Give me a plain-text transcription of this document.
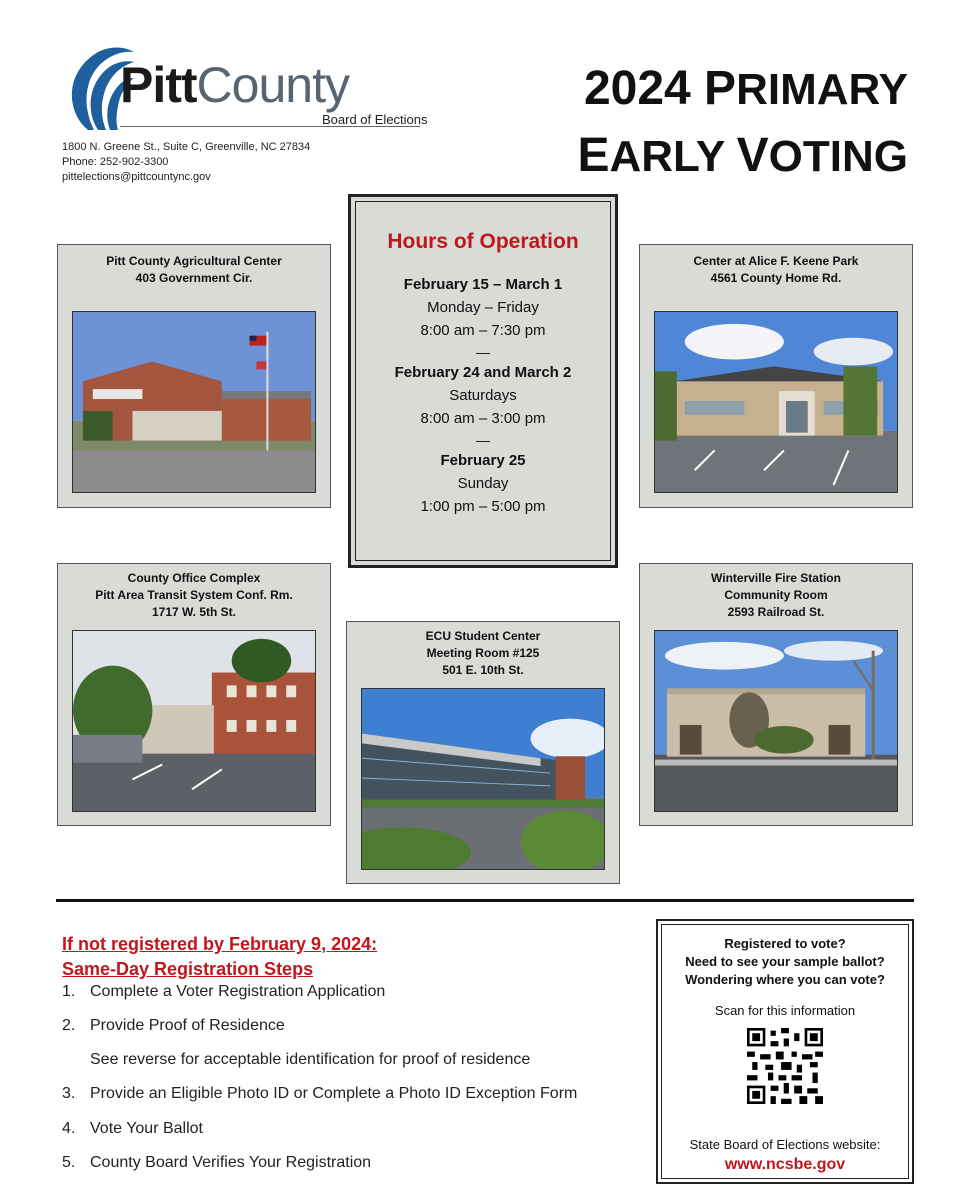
PittCounty
Board of Elections
1800 N. Greene St., Suite C, Greenville, NC 27834
Phone: 252-902-3300
pittelections@pittcountync.gov
2024 PRIMARY
EARLY VOTING
Pitt County Agricultural Center
403 Government Cir.
Center at Alice F. Keene Park
4561 County Home Rd.
Hours of Operation
February 15 – March 1
Monday – Friday
8:00 am – 7:30 pm
—
February 24 and March 2
Saturdays
8:00 am – 3:00 pm
—
February 25
Sunday
1:00 pm – 5:00 pm
County Office Complex
Pitt Area Transit System Conf. Rm.
1717 W. 5th St.
ECU Student Center
Meeting Room #125
501 E. 10th St.
Winterville Fire Station
Community Room
2593 Railroad St.
If not registered by February 9, 2024:
Same-Day Registration Steps
1. Complete a Voter Registration Application
2. Provide Proof of Residence
See reverse for acceptable identification for proof of residence
3. Provide an Eligible Photo ID or Complete a Photo ID Exception Form
4. Vote Your Ballot
5. County Board Verifies Your Registration
Registered to vote?
Need to see your sample ballot?
Wondering where you can vote?
Scan for this information
State Board of Elections website:
www.ncsbe.gov
